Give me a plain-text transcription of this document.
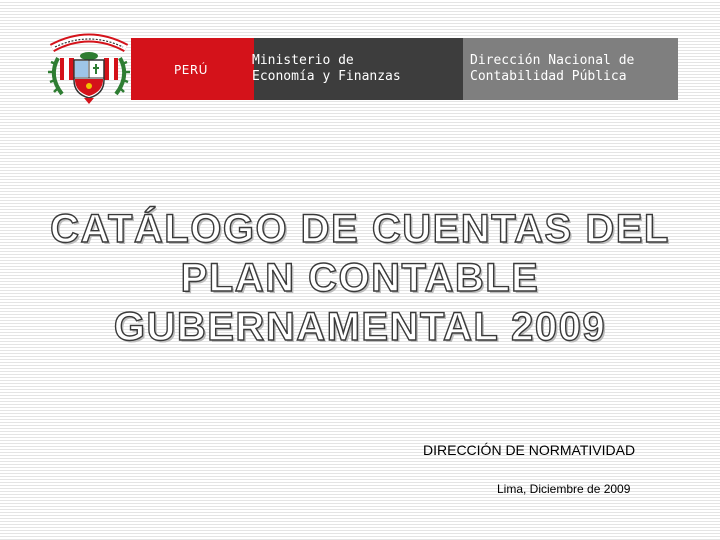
PERÚ
Ministerio de
Economía y Finanzas
Dirección Nacional de
Contabilidad Pública
CATÁLOGO DE CUENTAS DEL
PLAN CONTABLE
GUBERNAMENTAL 2009
DIRECCIÓN DE NORMATIVIDAD
Lima, Diciembre de 2009
